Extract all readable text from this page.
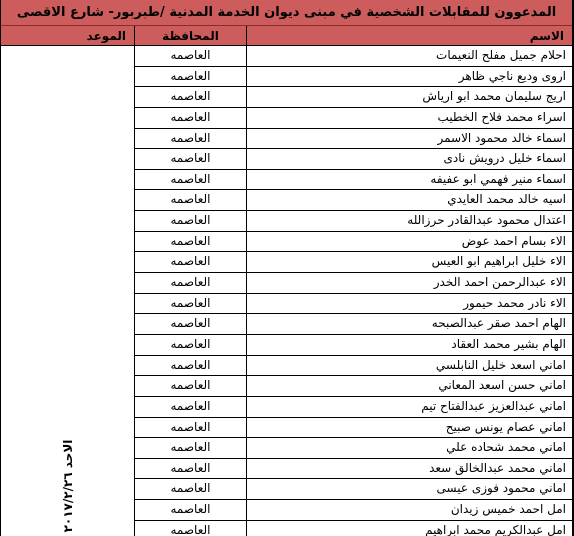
المدعوون للمقابلات الشخصية في مبنى ديوان الخدمة المدنية /طبربور- شارع الاقصى
الاسم
المحافظة
الموعد
احلام جميل مفلح النعيمات
العاصمه
اروى وديع ناجي ظاهر
العاصمه
اريج سليمان محمد ابو ارياش
العاصمه
اسراء محمد فلاح الخطيب
العاصمه
اسماء خالد محمود الاسمر
العاصمه
اسماء خليل درويش نادى
العاصمه
اسماء منير فهمي ابو عفيفه
العاصمه
اسيه خالد محمد العايدي
العاصمه
اعتدال محمود عبدالقادر حرزالله
العاصمه
الاء بسام احمد عوض
العاصمه
الاء خليل ابراهيم ابو العيس
العاصمه
الاء عبدالرحمن احمد الخدر
العاصمه
الاء نادر محمد حيمور
العاصمه
الهام احمد صقر عبدالصبحه
العاصمه
الهام بشير محمد العقاد
العاصمه
اماني اسعد خليل النابلسي
العاصمه
اماني حسن اسعد المعاني
العاصمه
اماني عبدالعزيز عبدالفتاح تيم
العاصمه
اماني عصام يونس صبيح
العاصمه
اماني محمد شحاده علي
العاصمه
اماني محمد عبدالخالق سعد
العاصمه
اماني محمود فوزى عيسى
العاصمه
امل احمد خميس زيدان
العاصمه
امل عبدالكريم محمد ابراهيم
العاصمه
الاحد ٢٠١٧/٢/٢٦
